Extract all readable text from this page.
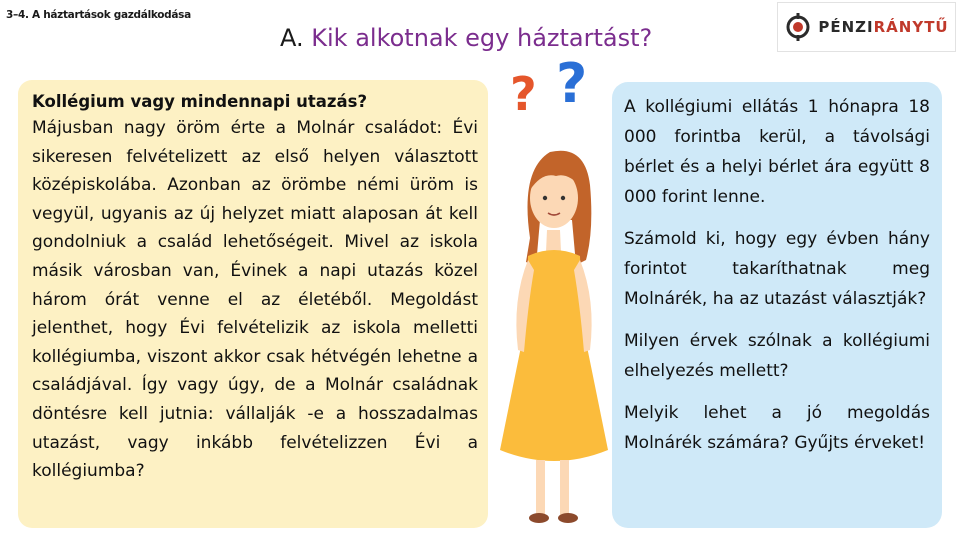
3–4. A háztartások gazdálkodása
A. Kik alkotnak egy háztartást?	PÉNZIRÁNYTŰ
Kollégium vagy mindennapi utazás?
Májusban nagy öröm érte a Molnár családot: Évi sikeresen felvételizett az első helyen választott középiskolába. Azonban az örömbe némi üröm is vegyül, ugyanis az új helyzet miatt alaposan át kell gondolniuk a család lehetőségeit. Mivel az iskola másik városban van, Évinek a napi utazás közel három órát venne el az életéből. Megoldást jelenthet, hogy Évi felvételizik az iskola melletti kollégiumba, viszont akkor csak hétvégén lehetne a családjával. Így vagy úgy, de a Molnár családnak döntésre kell jutnia: vállalják -e a hosszadalmas utazást, vagy inkább felvételizzen Évi a kollégiumba?
? ? A kollégiumi ellátás 1 hónapra 18 000 forintba kerül, a távolsági bérlet és a helyi bérlet ára együtt 8 000 forint lenne.

Számold ki, hogy egy évben hány forintot takaríthatnak meg Molnárék, ha az utazást választják?

Milyen érvek szólnak a kollégiumi elhelyezés mellett?

Melyik lehet a jó megoldás Molnárék számára? Gyűjts érveket!
